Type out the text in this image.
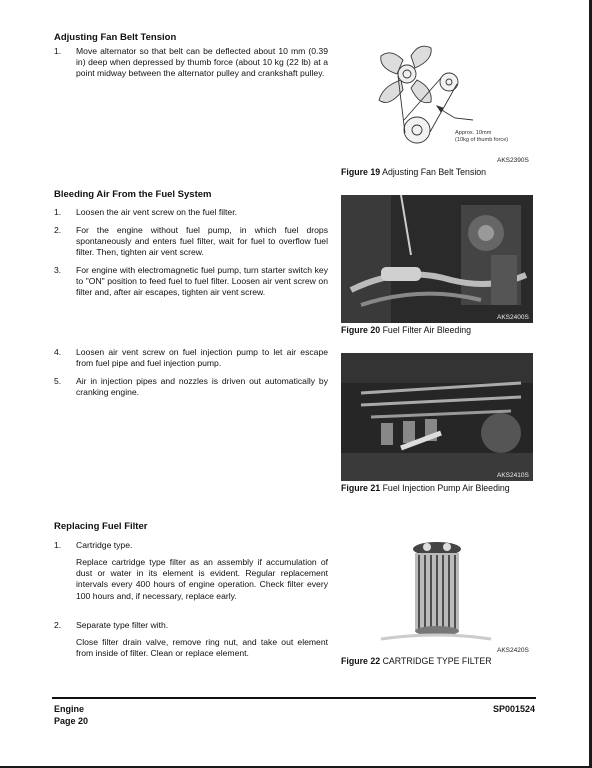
Adjusting Fan Belt Tension
1. Move alternator so that belt can be deflected about 10 mm (0.39 in) deep when depressed by thumb force (about 10 kg (22 lb) at a point midway between the alternator pulley and crankshaft pulley.
Approx. 10mm
(10kg of thumb force)
AKS2390S
Figure 19 Adjusting Fan Belt Tension
Bleeding Air From the Fuel System
1. Loosen the air vent screw on the fuel filter.
2. For the engine without fuel pump, in which fuel drops spontaneously and enters fuel filter, wait for fuel to overflow fuel filter. Then, tighten air vent screw.
3. For engine with electromagnetic fuel pump, turn starter switch key to "ON" position to feed fuel to fuel filter. Loosen air vent screw on filter and, after air escapes, tighten air vent screw.
4. Loosen air vent screw on fuel injection pump to let air escape from fuel pipe and fuel injection pump.
5. Air in injection pipes and nozzles is driven out automatically by cranking engine.
AKS2400S
Figure 20 Fuel Filter Air Bleeding
AKS2410S
Figure 21 Fuel Injection Pump Air Bleeding
Replacing Fuel Filter
1. Cartridge type.
Replace cartridge type filter as an assembly if accumulation of dust or water in its element is evident. Regular replacement intervals every 400 hours of engine operation. Check filter every 100 hours and, if necessary, replace early.
2. Separate type filter with.
Close filter drain valve, remove ring nut, and take out element from inside of filter. Clean or replace element.	AKS2420S
Figure 22 CARTRIDGE TYPE FILTER
Engine
Page 20
SP001524
